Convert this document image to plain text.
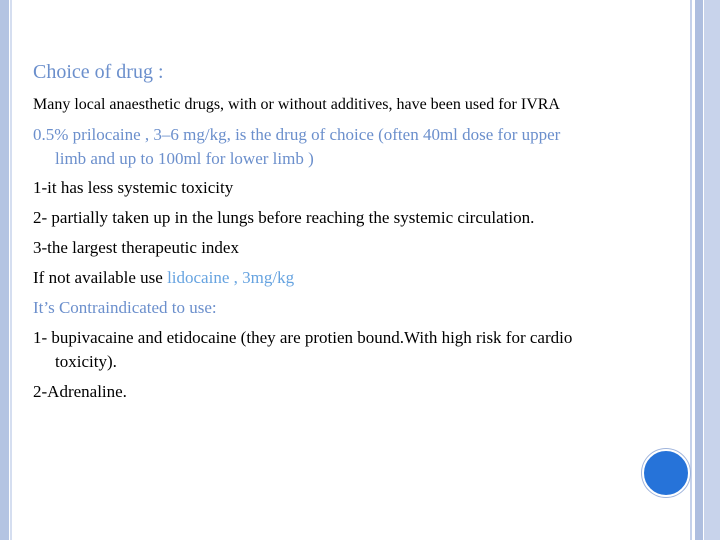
Choice of drug :
Many local anaesthetic drugs, with or without additives, have been used for IVRA
0.5% prilocaine , 3–6 mg/kg, is the drug of choice (often 40ml dose for upper
limb and up to 100ml for lower limb )
1-it has less systemic toxicity
2- partially taken up in the lungs before reaching the systemic circulation.
3-the largest therapeutic index
If not available use lidocaine , 3mg/kg
It’s Contraindicated to use:
1- bupivacaine and etidocaine (they are protien bound.With high risk for cardio
toxicity).
2-Adrenaline.
